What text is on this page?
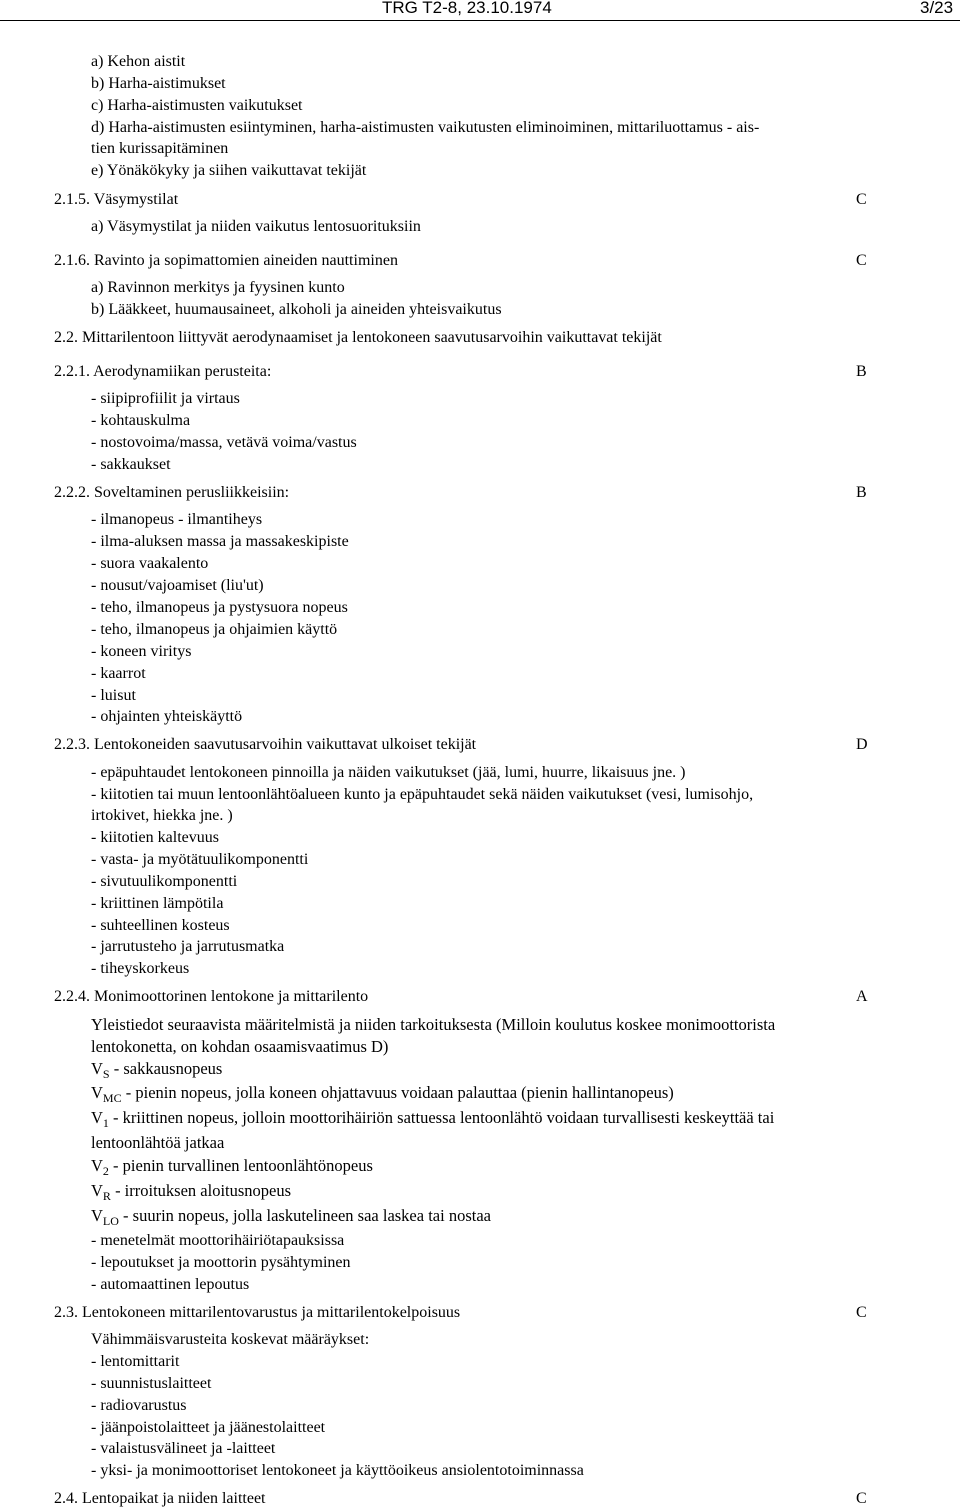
TRG T2-8, 23.10.1974	3/23
a) Kehon aistit
b) Harha-aistimukset
c) Harha-aistimusten vaikutukset
d) Harha-aistimusten esiintyminen, harha-aistimusten vaikutusten eliminoiminen, mittariluottamus - ais-
tien kurissapitäminen
e) Yönäkökyky ja siihen vaikuttavat tekijät
2.1.5. Väsymystilat	C
a) Väsymystilat ja niiden vaikutus lentosuorituksiin
2.1.6. Ravinto ja sopimattomien aineiden nauttiminen	C
a) Ravinnon merkitys ja fyysinen kunto
b) Lääkkeet, huumausaineet, alkoholi ja aineiden yhteisvaikutus
2.2. Mittarilentoon liittyvät aerodynaamiset ja lentokoneen saavutusarvoihin vaikuttavat tekijät
2.2.1. Aerodynamiikan perusteita:	B
- siipiprofiilit ja virtaus
- kohtauskulma
- nostovoima/massa, vetävä voima/vastus
- sakkaukset
2.2.2. Soveltaminen perusliikkeisiin:	B
- ilmanopeus - ilmantiheys
- ilma-aluksen massa ja massakeskipiste
- suora vaakalento
- nousut/vajoamiset (liu'ut)
- teho, ilmanopeus ja pystysuora nopeus
- teho, ilmanopeus ja ohjaimien käyttö
- koneen viritys
- kaarrot
- luisut
- ohjainten yhteiskäyttö
2.2.3. Lentokoneiden saavutusarvoihin vaikuttavat ulkoiset tekijät	D
- epäpuhtaudet lentokoneen pinnoilla ja näiden vaikutukset (jää, lumi, huurre, likaisuus jne. )
- kiitotien tai muun lentoonlähtöalueen kunto ja epäpuhtaudet sekä näiden vaikutukset (vesi, lumisohjo,
irtokivet, hiekka jne. )
- kiitotien kaltevuus
- vasta- ja myötätuulikomponentti
- sivutuulikomponentti
- kriittinen lämpötila
- suhteellinen kosteus
- jarrutusteho ja jarrutusmatka
- tiheyskorkeus
2.2.4. Monimoottorinen lentokone ja mittarilento	A
Yleistiedot seuraavista määritelmistä ja niiden tarkoituksesta (Milloin koulutus koskee monimoottorista
lentokonetta, on kohdan osaamisvaatimus D)
$V_S$ - sakkausnopeus
$V_{MC}$ - pienin nopeus, jolla koneen ohjattavuus voidaan palauttaa (pienin hallintanopeus)
$V_1$ - kriittinen nopeus, jolloin moottorihäiriön sattuessa lentoonlähtö voidaan turvallisesti keskeyttää tai
lentoonlähtöä jatkaa
$V_2$ - pienin turvallinen lentoonlähtönopeus
$V_R$ - irroituksen aloitusnopeus
$V_{LO}$ - suurin nopeus, jolla laskutelineen saa laskea tai nostaa
- menetelmät moottorihäiriötapauksissa
- lepoutukset ja moottorin pysähtyminen
- automaattinen lepoutus
2.3. Lentokoneen mittarilentovarustus ja mittarilentokelpoisuus	C
Vähimmäisvarusteita koskevat määräykset:
- lentomittarit
- suunnistuslaitteet
- radiovarustus
- jäänpoistolaitteet ja jäänestolaitteet
- valaistusvälineet ja -laitteet
- yksi- ja monimoottoriset lentokoneet ja käyttöoikeus ansiolentotoiminnassa
2.4. Lentopaikat ja niiden laitteet	C
